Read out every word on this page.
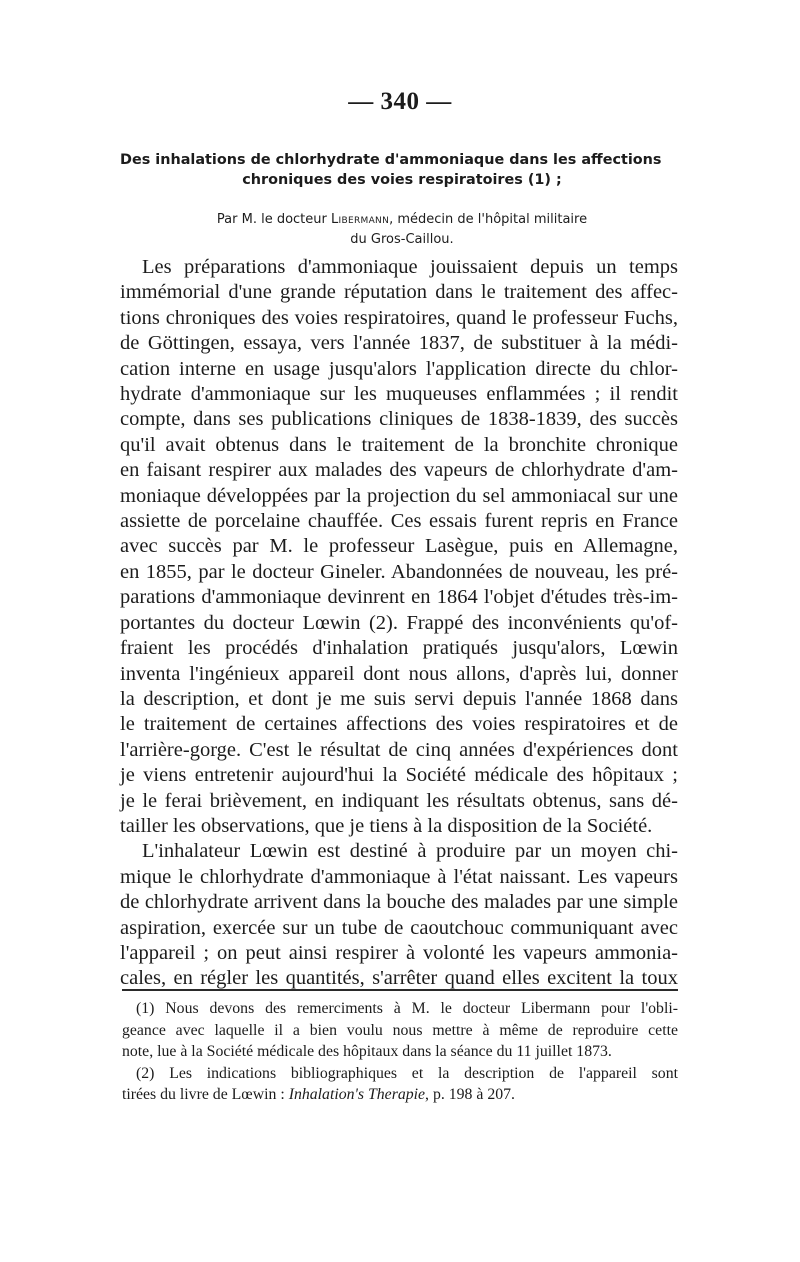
— 340 —
Des inhalations de chlorhydrate d'ammoniaque dans les affections
chroniques des voies respiratoires (1) ;
Par M. le docteur Libermann, médecin de l'hôpital militaire
du Gros-Caillou.
Les préparations d'ammoniaque jouissaient depuis un temps
immémorial d'une grande réputation dans le traitement des affec-
tions chroniques des voies respiratoires, quand le professeur Fuchs,
de Göttingen, essaya, vers l'année 1837, de substituer à la médi-
cation interne en usage jusqu'alors l'application directe du chlor-
hydrate d'ammoniaque sur les muqueuses enflammées ; il rendit
compte, dans ses publications cliniques de 1838-1839, des succès
qu'il avait obtenus dans le traitement de la bronchite chronique
en faisant respirer aux malades des vapeurs de chlorhydrate d'am-
moniaque développées par la projection du sel ammoniacal sur une
assiette de porcelaine chauffée. Ces essais furent repris en France
avec succès par M. le professeur Lasègue, puis en Allemagne,
en 1855, par le docteur Gineler. Abandonnées de nouveau, les pré-
parations d'ammoniaque devinrent en 1864 l'objet d'études très-im-
portantes du docteur Lœwin (2). Frappé des inconvénients qu'of-
fraient les procédés d'inhalation pratiqués jusqu'alors, Lœwin
inventa l'ingénieux appareil dont nous allons, d'après lui, donner
la description, et dont je me suis servi depuis l'année 1868 dans
le traitement de certaines affections des voies respiratoires et de
l'arrière-gorge. C'est le résultat de cinq années d'expériences dont
je viens entretenir aujourd'hui la Société médicale des hôpitaux ;
je le ferai brièvement, en indiquant les résultats obtenus, sans dé-
tailler les observations, que je tiens à la disposition de la Société.
L'inhalateur Lœwin est destiné à produire par un moyen chi-
mique le chlorhydrate d'ammoniaque à l'état naissant. Les vapeurs
de chlorhydrate arrivent dans la bouche des malades par une simple
aspiration, exercée sur un tube de caoutchouc communiquant avec
l'appareil ; on peut ainsi respirer à volonté les vapeurs ammonia-
cales, en régler les quantités, s'arrêter quand elles excitent la toux
(1) Nous devons des remerciments à M. le docteur Libermann pour l'obli-
geance avec laquelle il a bien voulu nous mettre à même de reproduire cette
note, lue à la Société médicale des hôpitaux dans la séance du 11 juillet 1873.
(2) Les indications bibliographiques et la description de l'appareil sont
tirées du livre de Lœwin : Inhalation's Therapie, p. 198 à 207.
